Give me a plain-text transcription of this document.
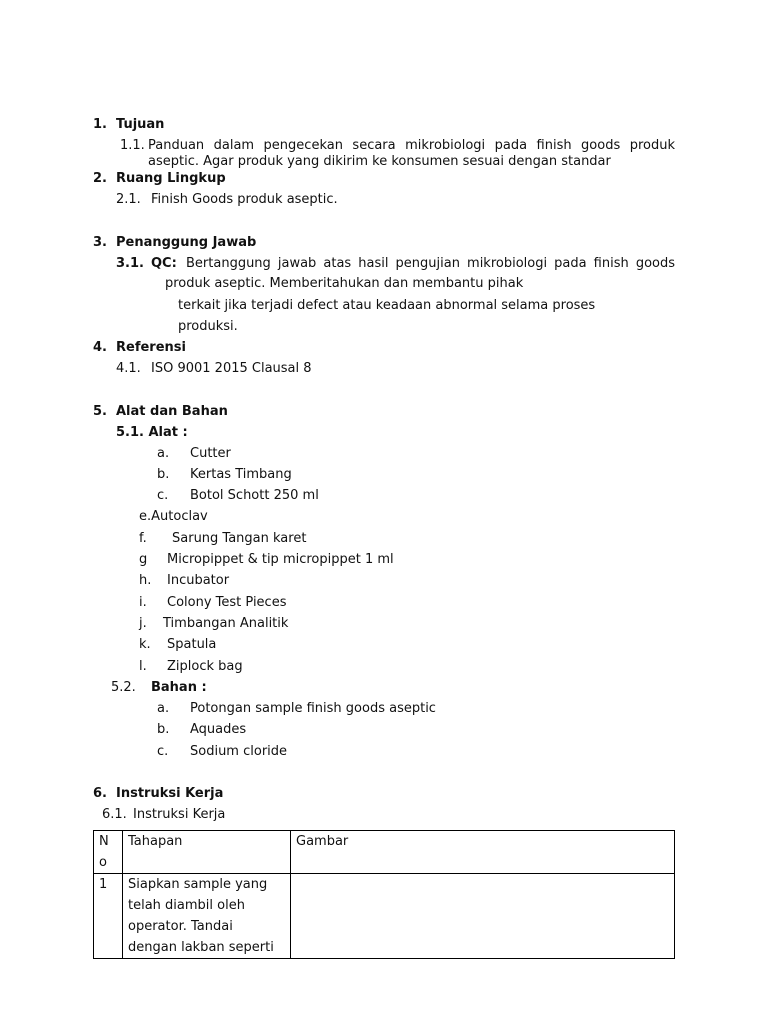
1. Tujuan
1.1. Panduan dalam pengecekan secara mikrobiologi pada finish goods produk
aseptic. Agar produk yang dikirim ke konsumen sesuai dengan standar
2. Ruang Lingkup
2.1. Finish Goods produk aseptic.
3. Penanggung Jawab
3.1. QC: Bertanggung jawab atas hasil pengujian mikrobiologi pada finish goods
produk aseptic. Memberitahukan dan membantu pihak
terkait jika terjadi defect atau keadaan abnormal selama proses
produksi.
4. Referensi
4.1. ISO 9001 2015 Clausal 8
5. Alat dan Bahan
5.1. Alat :
a. Cutter
b. Kertas Timbang
c. Botol Schott 250 ml
e.Autoclav
f. Sarung Tangan karet
g Micropippet & tip micropippet 1 ml
h. Incubator
i. Colony Test Pieces
j. Timbangan Analitik
k. Spatula
l. Ziplock bag
5.2. Bahan :
a. Potongan sample finish goods aseptic
b. Aquades
c. Sodium cloride
6. Instruksi Kerja
6.1. Instruksi Kerja
N
o	Tahapan	Gambar
1	Siapkan sample yang
telah diambil oleh
operator. Tandai
dengan lakban seperti	
